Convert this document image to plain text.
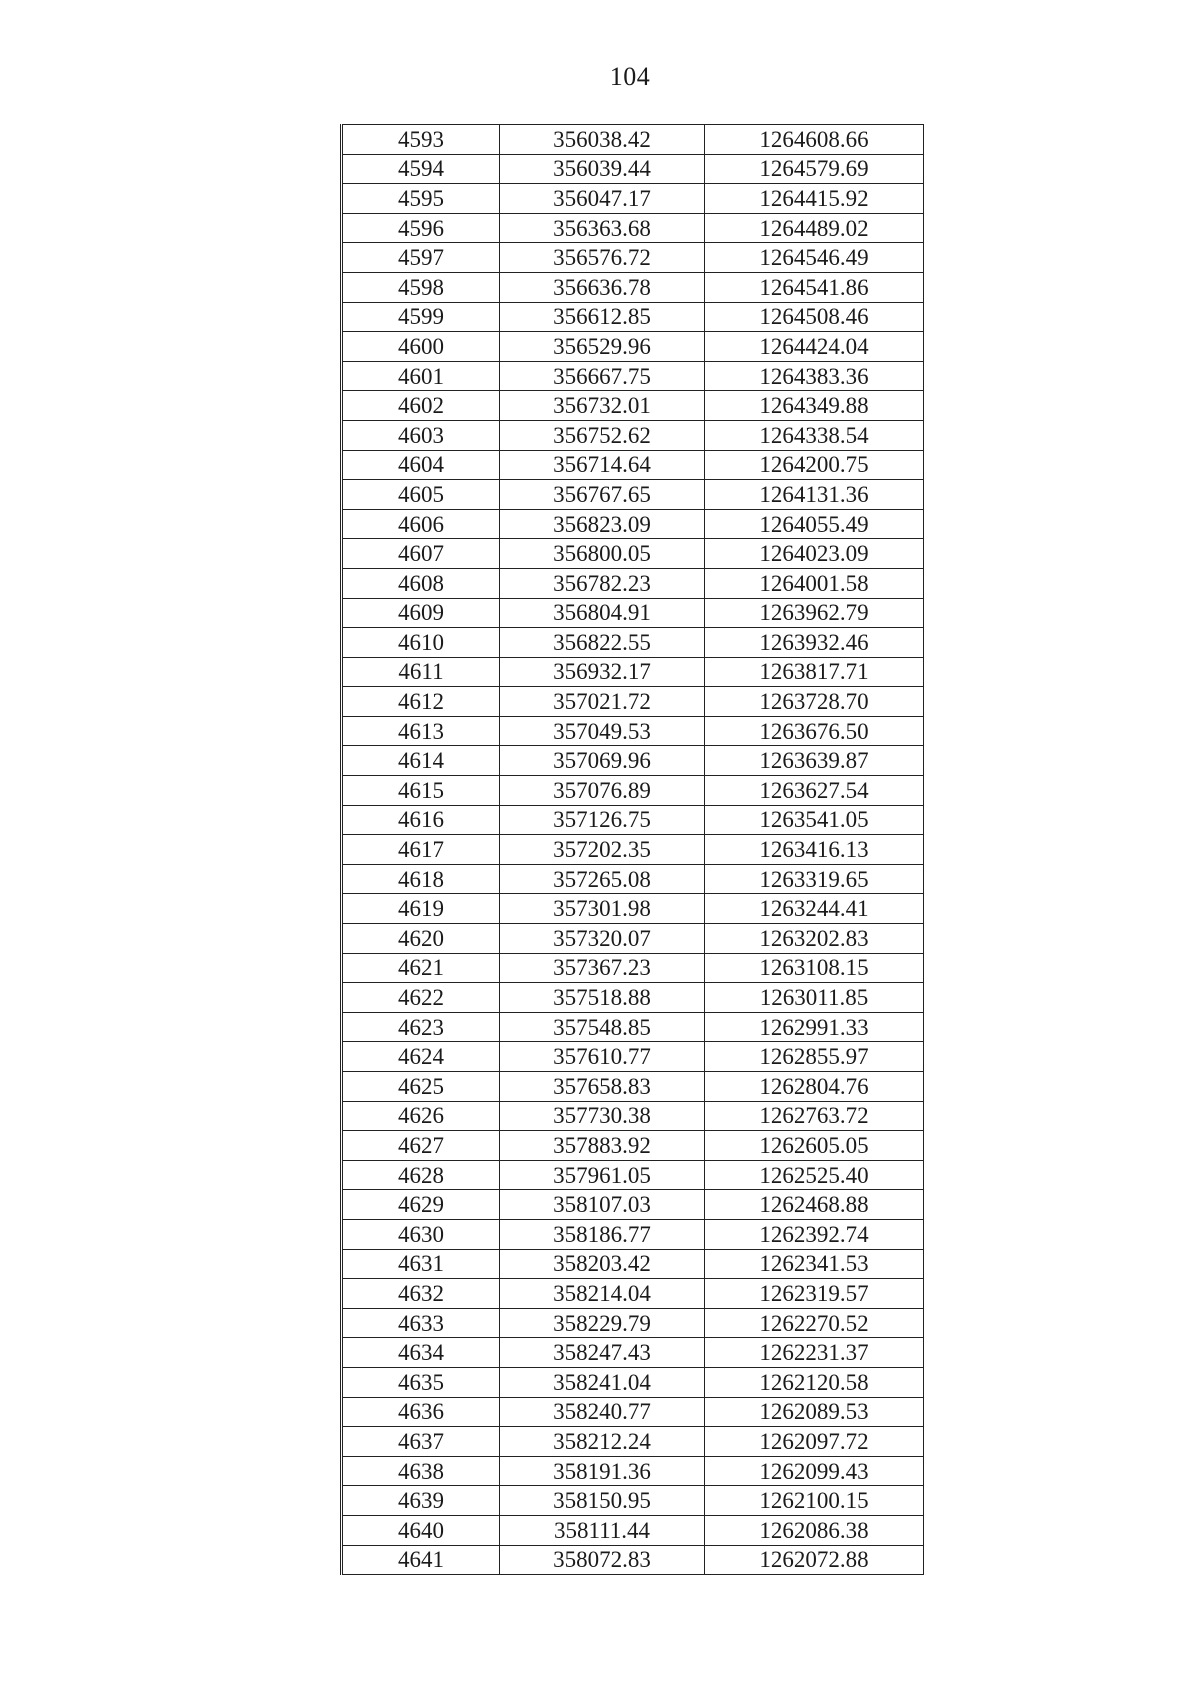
104
4593	356038.42	1264608.66
4594	356039.44	1264579.69
4595	356047.17	1264415.92
4596	356363.68	1264489.02
4597	356576.72	1264546.49
4598	356636.78	1264541.86
4599	356612.85	1264508.46
4600	356529.96	1264424.04
4601	356667.75	1264383.36
4602	356732.01	1264349.88
4603	356752.62	1264338.54
4604	356714.64	1264200.75
4605	356767.65	1264131.36
4606	356823.09	1264055.49
4607	356800.05	1264023.09
4608	356782.23	1264001.58
4609	356804.91	1263962.79
4610	356822.55	1263932.46
4611	356932.17	1263817.71
4612	357021.72	1263728.70
4613	357049.53	1263676.50
4614	357069.96	1263639.87
4615	357076.89	1263627.54
4616	357126.75	1263541.05
4617	357202.35	1263416.13
4618	357265.08	1263319.65
4619	357301.98	1263244.41
4620	357320.07	1263202.83
4621	357367.23	1263108.15
4622	357518.88	1263011.85
4623	357548.85	1262991.33
4624	357610.77	1262855.97
4625	357658.83	1262804.76
4626	357730.38	1262763.72
4627	357883.92	1262605.05
4628	357961.05	1262525.40
4629	358107.03	1262468.88
4630	358186.77	1262392.74
4631	358203.42	1262341.53
4632	358214.04	1262319.57
4633	358229.79	1262270.52
4634	358247.43	1262231.37
4635	358241.04	1262120.58
4636	358240.77	1262089.53
4637	358212.24	1262097.72
4638	358191.36	1262099.43
4639	358150.95	1262100.15
4640	358111.44	1262086.38
4641	358072.83	1262072.88
